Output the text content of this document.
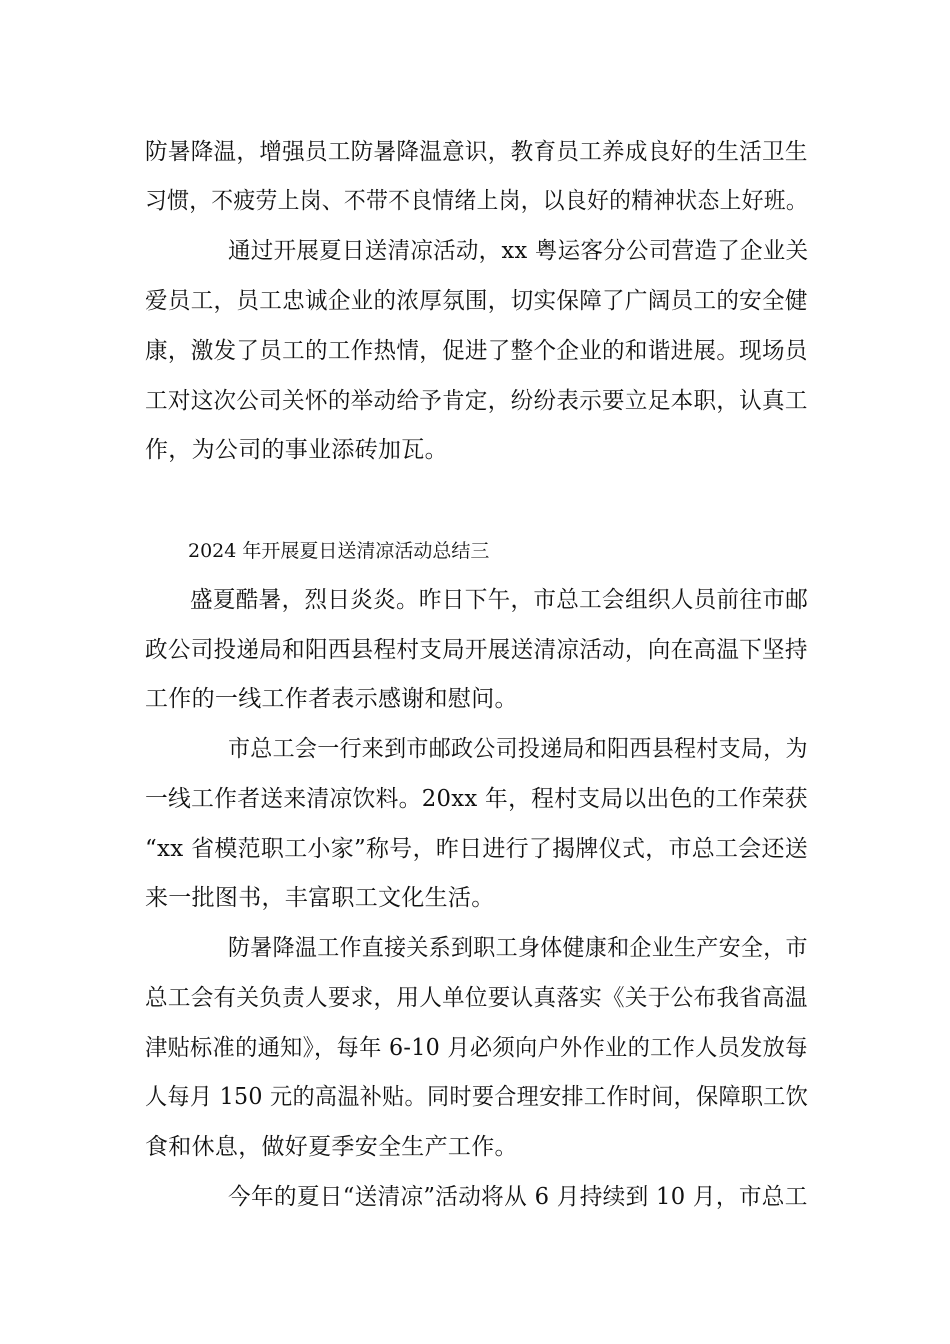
防暑降温，增强员工防暑降温意识，教育员工养成良好的生活卫生
习惯，不疲劳上岗、不带不良情绪上岗，以良好的精神状态上好班。
通过开展夏日送清凉活动，xx 粤运客分公司营造了企业关
爱员工，员工忠诚企业的浓厚氛围，切实保障了广阔员工的安全健
康，激发了员工的工作热情，促进了整个企业的和谐进展。现场员
工对这次公司关怀的举动给予肯定，纷纷表示要立足本职，认真工
作，为公司的事业添砖加瓦。
2024 年开展夏日送清凉活动总结三
盛夏酷暑，烈日炎炎。昨日下午，市总工会组织人员前往市邮
政公司投递局和阳西县程村支局开展送清凉活动，向在高温下坚持
工作的一线工作者表示感谢和慰问。
市总工会一行来到市邮政公司投递局和阳西县程村支局，为
一线工作者送来清凉饮料。20xx 年，程村支局以出色的工作荣获
“xx 省模范职工小家”称号，昨日进行了揭牌仪式，市总工会还送
来一批图书，丰富职工文化生活。
防暑降温工作直接关系到职工身体健康和企业生产安全，市
总工会有关负责人要求，用人单位要认真落实《关于公布我省高温
津贴标准的通知》，每年 6-10 月必须向户外作业的工作人员发放每
人每月 150 元的高温补贴。同时要合理安排工作时间，保障职工饮
食和休息，做好夏季安全生产工作。
今年的夏日“送清凉”活动将从 6 月持续到 10 月，市总工
